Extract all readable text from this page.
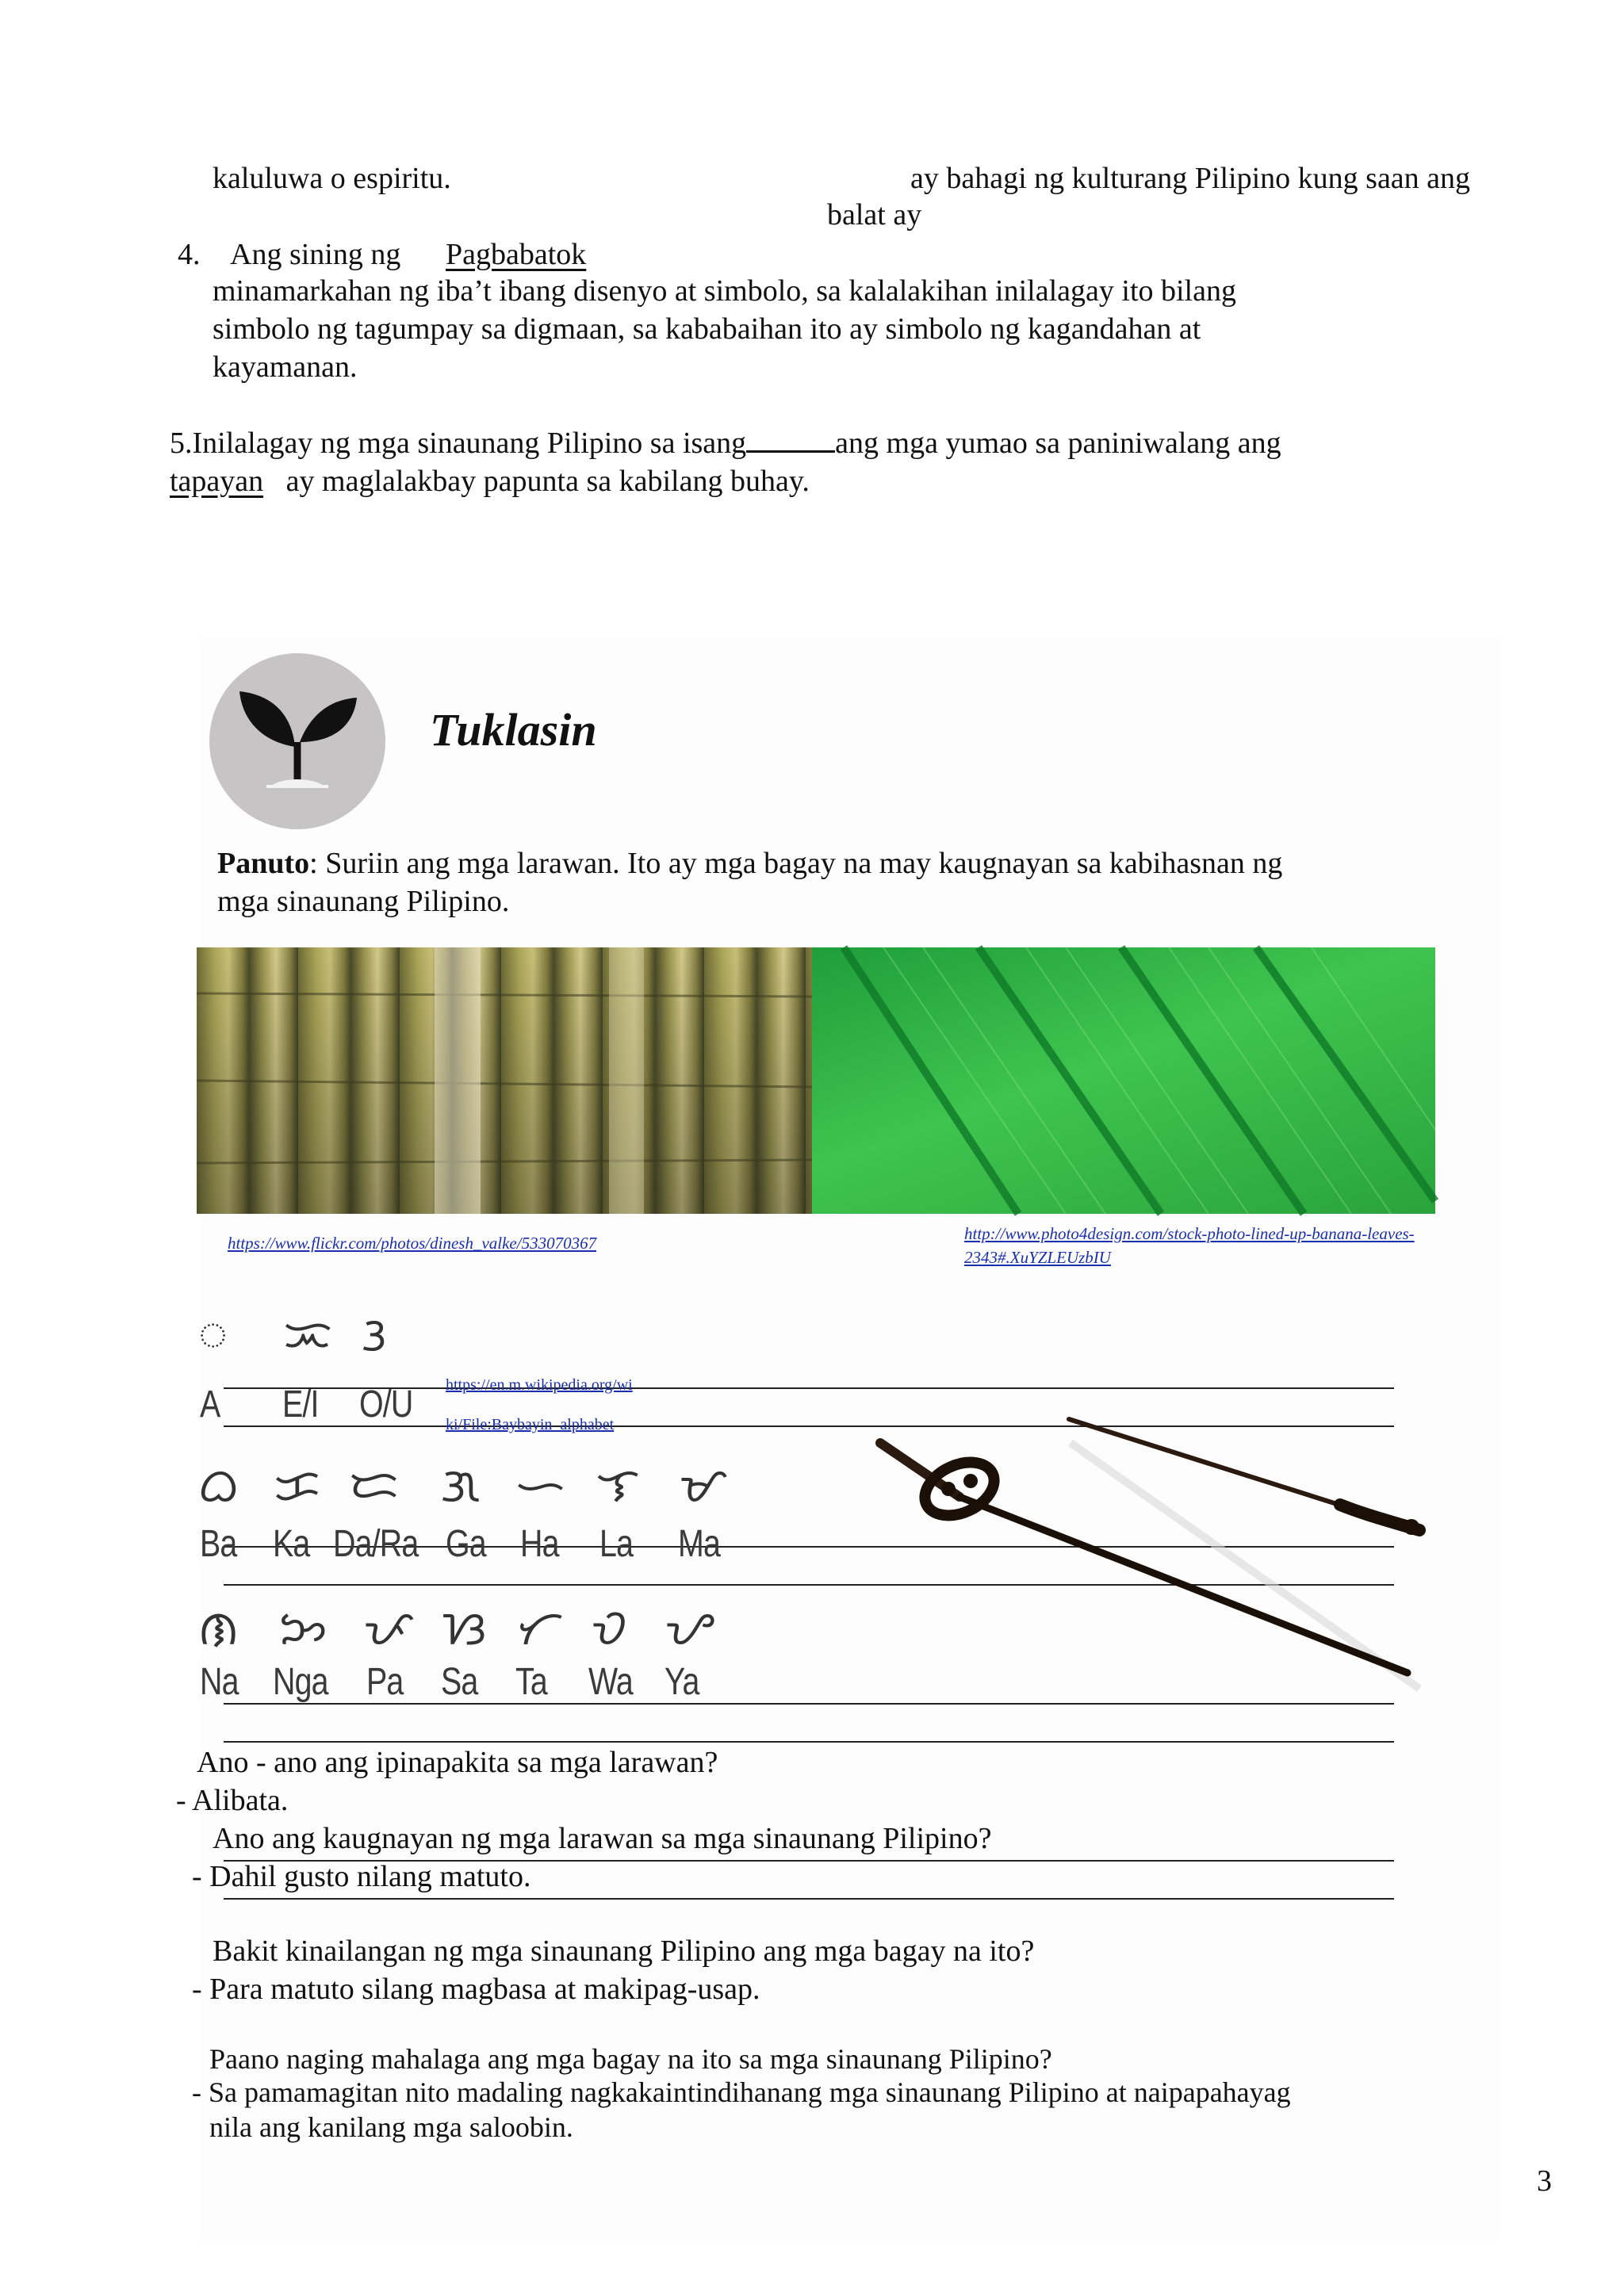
kaluluwa o espiritu.	ay bahagi ng kulturang Pilipino kung saan ang
balat ay
4. Ang sining ng Pagbabatok
minamarkahan ng iba’t ibang disenyo at simbolo, sa kalalakihan inilalagay ito bilang
simbolo ng tagumpay sa digmaan, sa kababaihan ito ay simbolo ng kagandahan at
kayamanan.
5.Inilalagay ng mga sinaunang Pilipino sa isang	ang mga yumao sa paniniwalang ang
tapayan ay maglalakbay papunta sa kabilang buhay.
Tuklasin
Panuto: Suriin ang mga larawan. Ito ay mga bagay na may kaugnayan sa kabihasnan ng
mga sinaunang Pilipino.
https://www.flickr.com/photos/dinesh_valke/533070367	http://www.photo4design.com/stock-photo-lined-up-banana-leaves-
2343#.XuYZLEUzbIU
ᜀ ᜁ ᜂ
A E/I O/U
ᜊ ᜃ ᜇ ᜄ ᜑ ᜎ ᜋ
Ba Ka Da/Ra Ga Ha La Ma
ᜈ ᜅ ᜉ ᜐ ᜆ ᜏ ᜌ
Na Nga Pa Sa Ta Wa Ya
https://en.m.wikipedia.org/wi
Ano - ano ang ipinapakita sa mga larawan?
- Alibata.
Ano ang kaugnayan ng mga larawan sa mga sinaunang Pilipino?
- Dahil gusto nilang matuto.
Bakit kinailangan ng mga sinaunang Pilipino ang mga bagay na ito?
- Para matuto silang magbasa at makipag-usap.
Paano naging mahalaga ang mga bagay na ito sa mga sinaunang Pilipino?
- Sa pamamagitan nito madaling nagkakaintindihanang mga sinaunang Pilipino at naipapahayag
nila ang kanilang mga saloobin.
3
